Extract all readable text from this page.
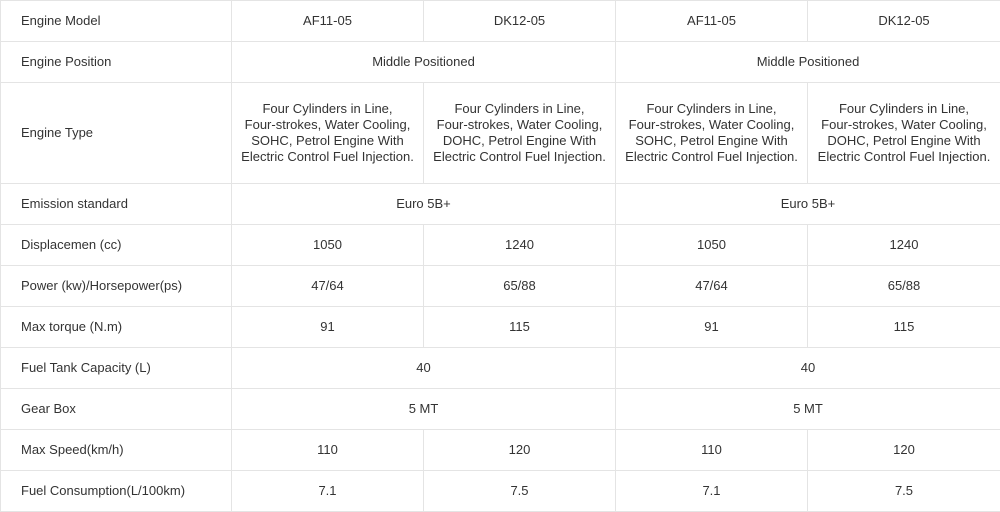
Engine Model	AF11-05	DK12-05	AF11-05	DK12-05
Engine Position	Middle Positioned		Middle Positioned	
Engine Type	Four Cylinders in Line,
Four-strokes, Water Cooling,
SOHC, Petrol Engine With
Electric Control Fuel Injection.	Four Cylinders in Line,
Four-strokes, Water Cooling,
DOHC, Petrol Engine With
Electric Control Fuel Injection.	Four Cylinders in Line,
Four-strokes, Water Cooling,
SOHC, Petrol Engine With
Electric Control Fuel Injection.	Four Cylinders in Line,
Four-strokes, Water Cooling,
DOHC, Petrol Engine With
Electric Control Fuel Injection.
Emission standard	Euro 5B+		Euro 5B+	
Displacemen (cc)	1050	1240	1050	1240
Power (kw)/Horsepower(ps)	47/64	65/88	47/64	65/88
Max torque (N.m)	91	115	91	115
Fuel Tank Capacity (L)	40		40	
Gear Box	5 MT		5 MT	
Max Speed(km/h)	110	120	110	120
Fuel Consumption(L/100km)	7.1	7.5	7.1	7.5
